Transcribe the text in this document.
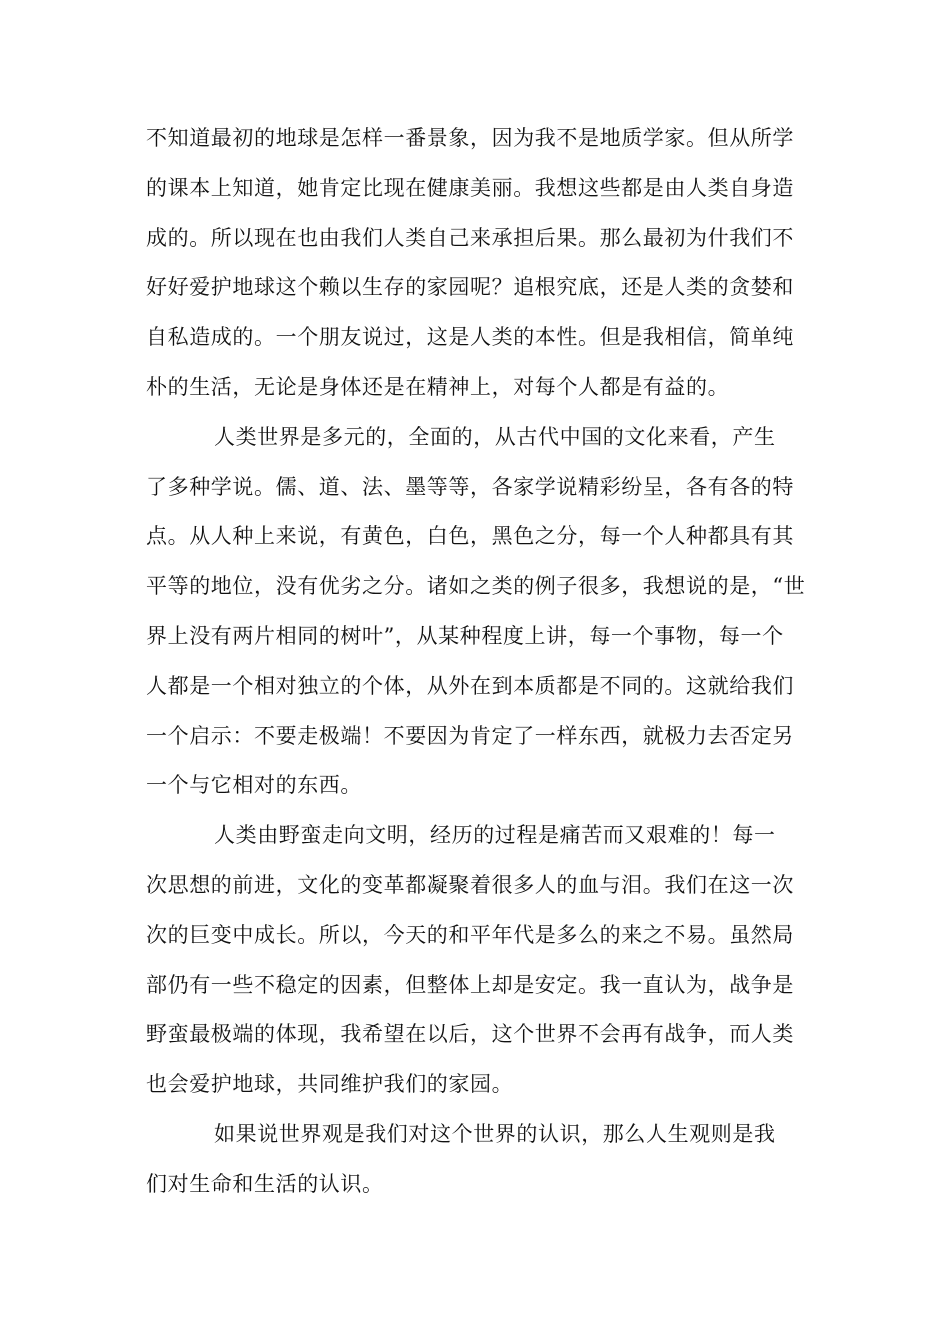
不知道最初的地球是怎样一番景象，因为我不是地质学家。但从所学
的课本上知道，她肯定比现在健康美丽。我想这些都是由人类自身造
成的。所以现在也由我们人类自己来承担后果。那么最初为什我们不
好好爱护地球这个赖以生存的家园呢？追根究底，还是人类的贪婪和
自私造成的。一个朋友说过，这是人类的本性。但是我相信，简单纯
朴的生活，无论是身体还是在精神上，对每个人都是有益的。

人类世界是多元的，全面的，从古代中国的文化来看，产生
了多种学说。儒、道、法、墨等等，各家学说精彩纷呈，各有各的特
点。从人种上来说，有黄色，白色，黑色之分，每一个人种都具有其
平等的地位，没有优劣之分。诸如之类的例子很多，我想说的是，“世
界上没有两片相同的树叶”，从某种程度上讲，每一个事物，每一个
人都是一个相对独立的个体，从外在到本质都是不同的。这就给我们
一个启示：不要走极端！不要因为肯定了一样东西，就极力去否定另
一个与它相对的东西。

人类由野蛮走向文明，经历的过程是痛苦而又艰难的！每一
次思想的前进，文化的变革都凝聚着很多人的血与泪。我们在这一次
次的巨变中成长。所以，今天的和平年代是多么的来之不易。虽然局
部仍有一些不稳定的因素，但整体上却是安定。我一直认为，战争是
野蛮最极端的体现，我希望在以后，这个世界不会再有战争，而人类
也会爱护地球，共同维护我们的家园。

如果说世界观是我们对这个世界的认识，那么人生观则是我
们对生命和生活的认识。
